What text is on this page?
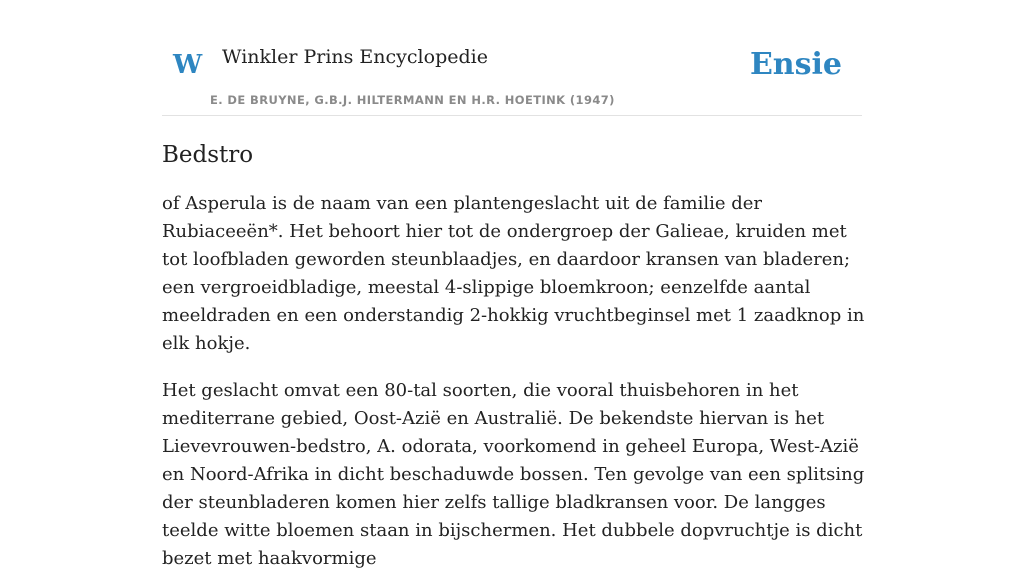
W Winkler Prins Encyclopedie
E. DE BRUYNE, G.B.J. HILTERMANN EN H.R. HOETINK (1947)
Ensie
Bedstro

of Asperula is de naam van een plantengeslacht uit de familie der Rubiaceeën*. Het behoort hier tot de ondergroep der Galieae, kruiden met tot loofbladen geworden steunblaadjes, en daardoor kransen van bladeren; een vergroeidbladige, meestal 4-slippige bloemkroon; eenzelfde aantal meeldraden en een onderstandig 2-hokkig vruchtbeginsel met 1 zaadknop in elk hokje.

Het geslacht omvat een 80-tal soorten, die vooral thuisbehoren in het mediterrane gebied, Oost-Azië en Australië. De bekendste hiervan is het Lievevrouwen-bedstro, A. odorata, voorkomend in geheel Europa, West-Azië en Noord-Afrika in dicht beschaduwde bossen. Ten gevolge van een splitsing der steunbladeren komen hier zelfs tallige bladkransen voor. De langges teelde witte bloemen staan in bijschermen. Het dubbele dopvruchtje is dicht bezet met haakvormige
